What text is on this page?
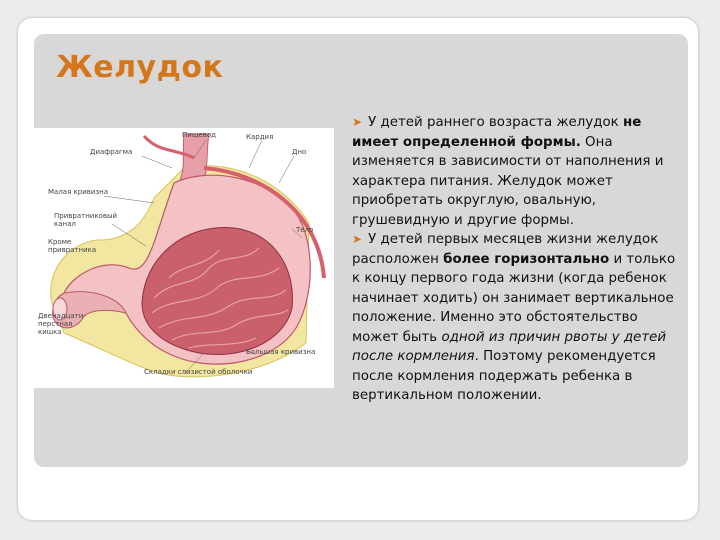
Желудок
Пищевод	Кардия
Диафрагма	Дно
Малая кривизна
Привратниковый
канал
Кроме
привратника
Тело
Двенадцати-
перстная
кишка
Большая кривизна
Складки слизистой оболочки

➤ У детей раннего возраста желудок не имеет определенной формы. Она изменяется в зависимости от наполнения и характера питания. Желудок может приобретать округлую, овальную, грушевидную и другие формы.

➤ У детей первых месяцев жизни желудок расположен более горизонтально и только к концу первого года жизни (когда ребенок начинает ходить) он занимает вертикальное положение. Именно это обстоятельство может быть одной из причин рвоты у детей после кормления. Поэтому рекомендуется после кормления подержать ребенка в вертикальном положении.
